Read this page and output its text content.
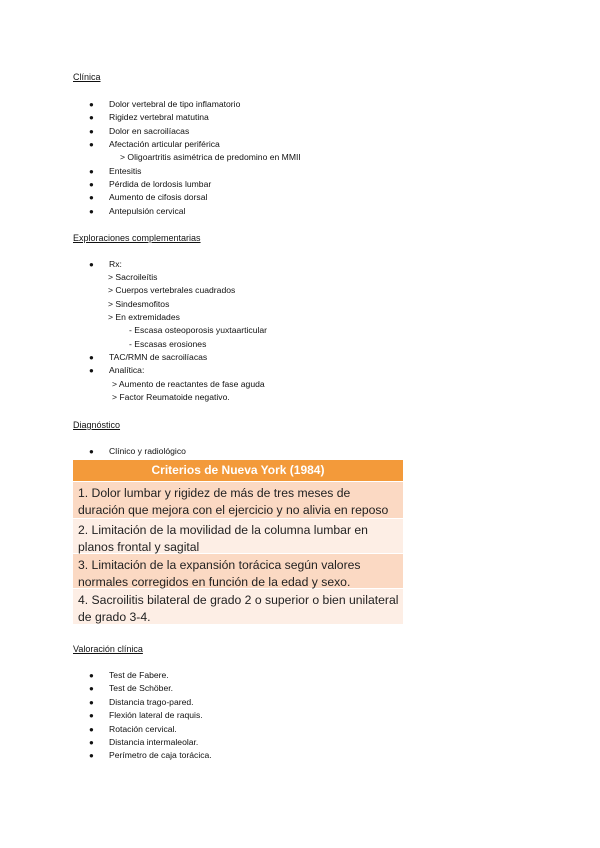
Clínica
● Dolor vertebral de tipo inflamatorio
● Rigidez vertebral matutina
● Dolor en sacroilíacas
● Afectación articular periférica
> Oligoartritis asimétrica de predomino en MMII
● Entesitis
● Pérdida de lordosis lumbar
● Aumento de cifosis dorsal
● Antepulsión cervical
Exploraciones complementarias
● Rx:
> Sacroileítis
> Cuerpos vertebrales cuadrados
> Sindesmofitos
> En extremidades
- Escasa osteoporosis yuxtaarticular
- Escasas erosiones
● TAC/RMN de sacroilíacas
● Analítica:
> Aumento de reactantes de fase aguda
> Factor Reumatoide negativo.
Diagnóstico
● Clínico y radiológico
Criterios de Nueva York (1984)
1. Dolor lumbar y rigidez de más de tres meses de duración que mejora con el ejercicio y no alivia en reposo
2. Limitación de la movilidad de la columna lumbar en planos frontal y sagital
3. Limitación de la expansión torácica según valores normales corregidos en función de la edad y sexo.
4. Sacroilitis bilateral de grado 2 o superior o bien unilateral de grado 3-4.
Valoración clínica
● Test de Fabere.
● Test de Schöber.
● Distancia trago-pared.
● Flexión lateral de raquis.
● Rotación cervical.
● Distancia intermaleolar.
● Perímetro de caja torácica.
